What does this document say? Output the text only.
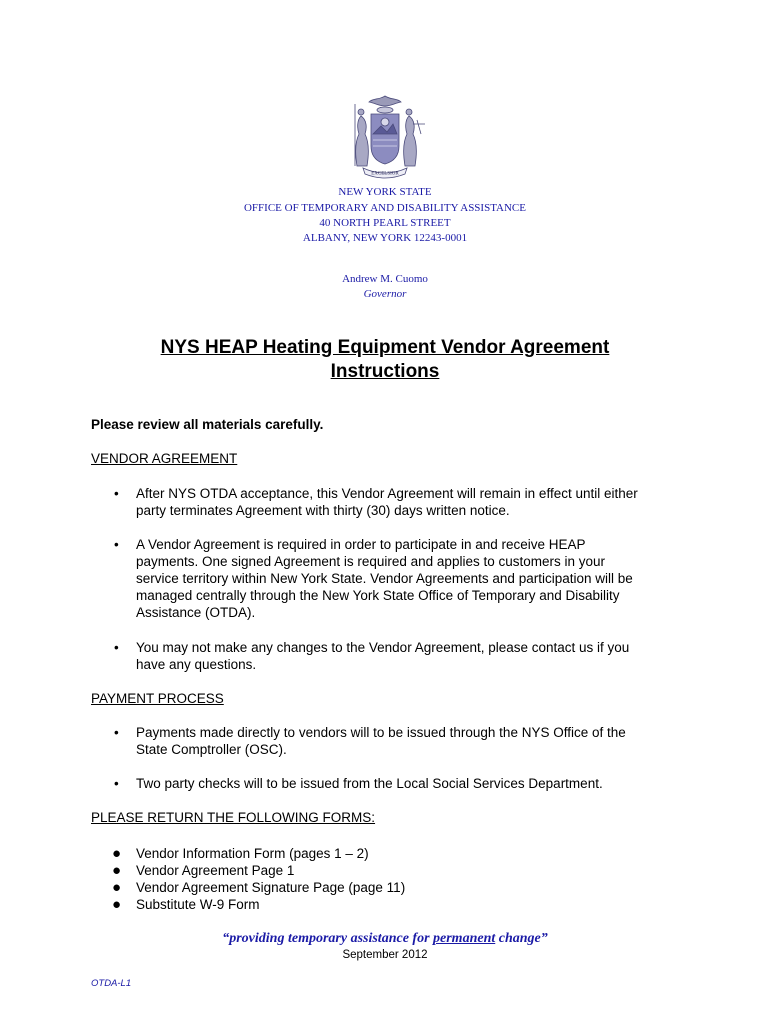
EXCELSIOR
NEW YORK STATE
OFFICE OF TEMPORARY AND DISABILITY ASSISTANCE
40 NORTH PEARL STREET
ALBANY, NEW YORK 12243-0001
Andrew M. Cuomo
Governor
NYS HEAP Heating Equipment Vendor Agreement
Instructions
Please review all materials carefully.
VENDOR AGREEMENT
• After NYS OTDA acceptance, this Vendor Agreement will remain in effect until either
party terminates Agreement with thirty (30) days written notice.
• A Vendor Agreement is required in order to participate in and receive HEAP
payments. One signed Agreement is required and applies to customers in your
service territory within New York State. Vendor Agreements and participation will be
managed centrally through the New York State Office of Temporary and Disability
Assistance (OTDA).
• You may not make any changes to the Vendor Agreement, please contact us if you
have any questions.
PAYMENT PROCESS
• Payments made directly to vendors will to be issued through the NYS Office of the
State Comptroller (OSC).
• Two party checks will to be issued from the Local Social Services Department.
PLEASE RETURN THE FOLLOWING FORMS:
● Vendor Information Form (pages 1 – 2)
● Vendor Agreement Page 1
● Vendor Agreement Signature Page (page 11)
● Substitute W-9 Form
“providing temporary assistance for permanent change”
September 2012
OTDA-L1
